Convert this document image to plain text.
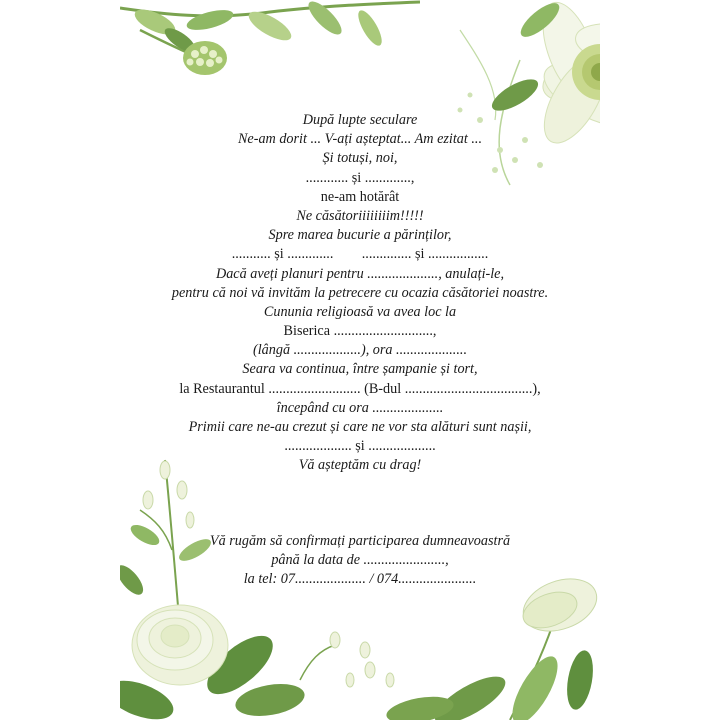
După lupte seculare
Ne-am dorit ... V-ați așteptat... Am ezitat ...
Și totuși, noi,
............ și .............,
ne-am hotărât
Ne căsătoriiiiiiiim!!!!!
Spre marea bucurie a părinților,
........... și .............        .............. și .................
Dacă aveți planuri pentru ...................., anulați-le,
pentru că noi vă invităm la petrecere cu ocazia căsătoriei noastre.
Cununia religioasă va avea loc la
Biserica ............................,
(lângă ...................), ora ....................
Seara va continua, între șampanie și tort,
la Restaurantul .......................... (B-dul ....................................),
începând cu ora ....................
Primii care ne-au crezut și care ne vor sta alături sunt nașii,
................... și ...................
Vă așteptăm cu drag!
Vă rugăm să confirmați participarea dumneavoastră
până la data de .......................,
la tel: 07.................... / 074......................
